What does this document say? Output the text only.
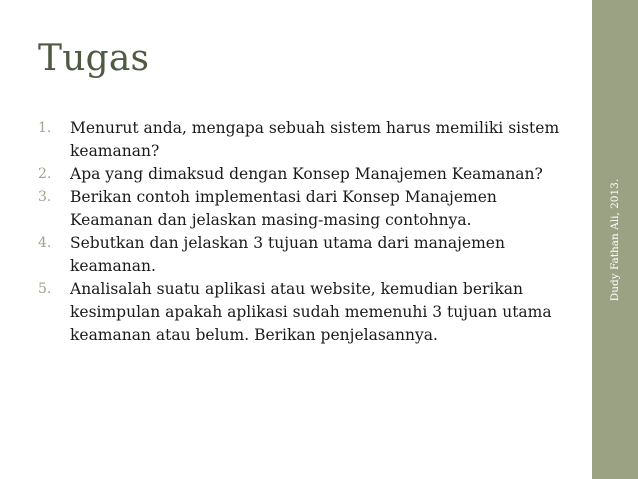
Tugas
1.	Menurut anda, mengapa sebuah sistem harus memiliki sistem keamanan?
2.	Apa yang dimaksud dengan Konsep Manajemen Keamanan?
3.	Berikan contoh implementasi dari Konsep Manajemen Keamanan dan jelaskan masing-masing contohnya.
4.	Sebutkan dan jelaskan 3 tujuan utama dari manajemen keamanan.
5.	Analisalah suatu aplikasi atau website, kemudian berikan kesimpulan apakah aplikasi sudah memenuhi 3 tujuan utama keamanan atau belum. Berikan penjelasannya.
Dudy Fathan Ali, 2013.
